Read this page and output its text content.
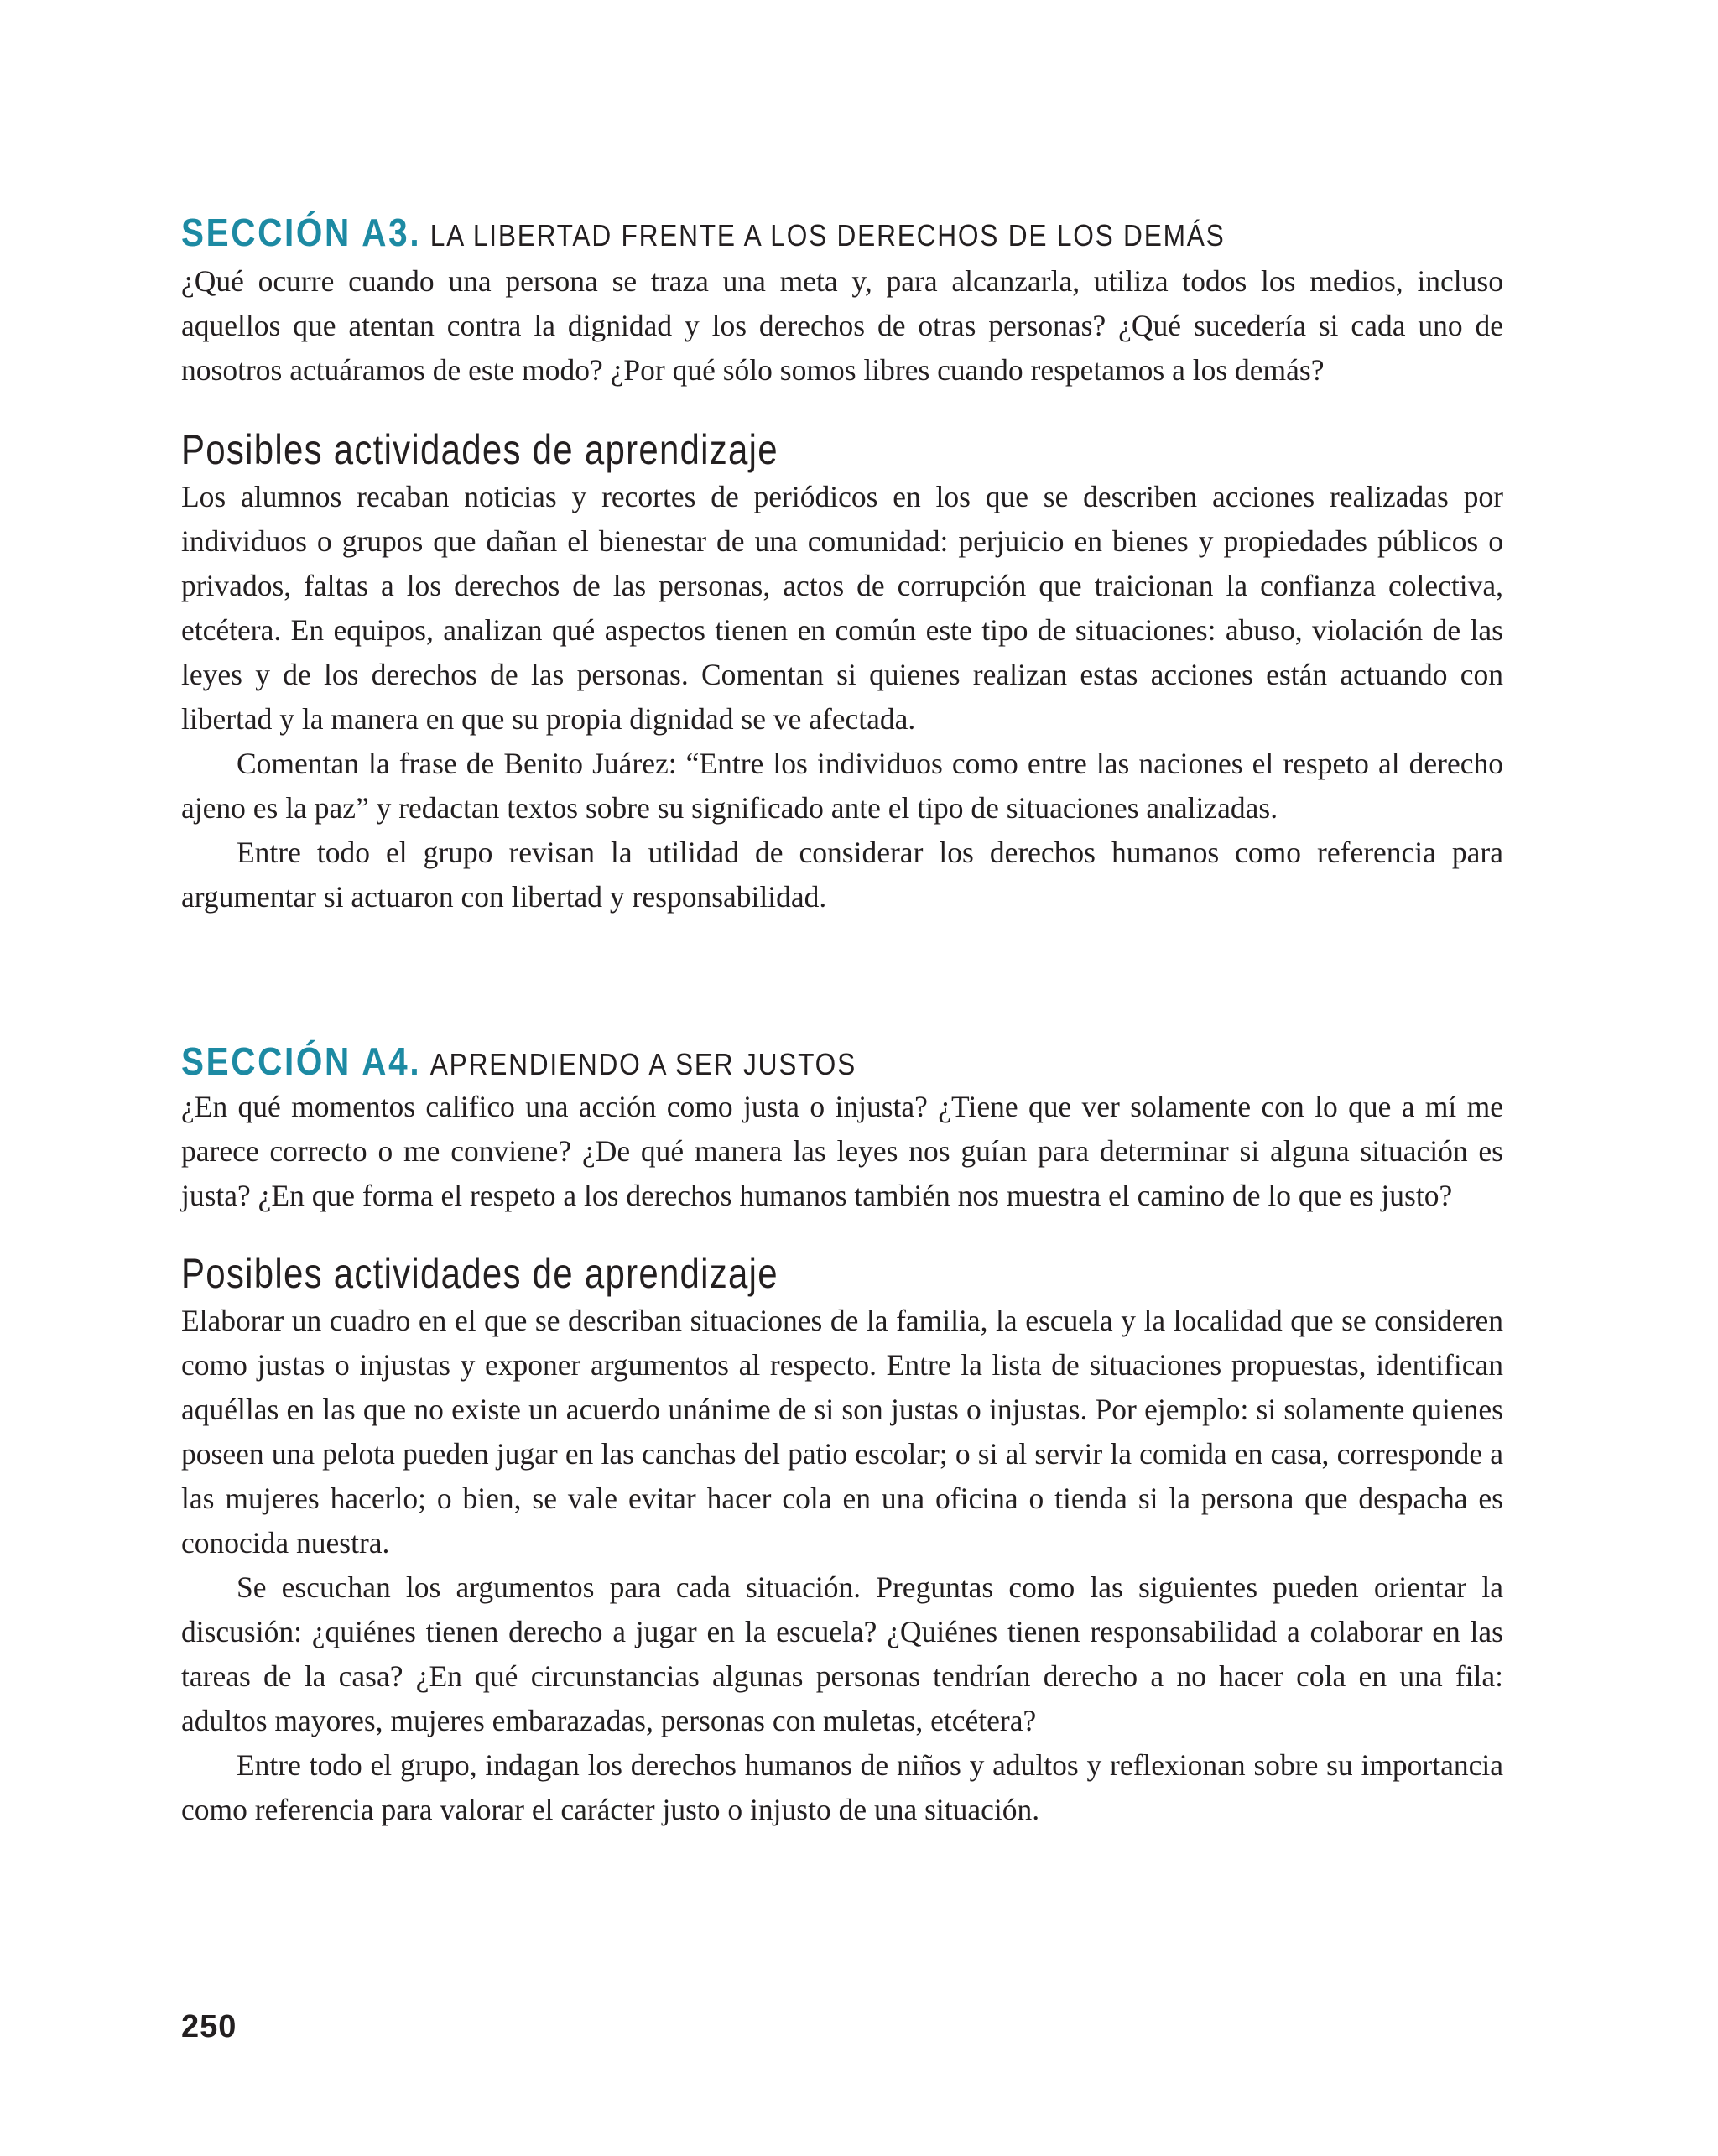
SECCIÓN A3. LA LIBERTAD FRENTE A LOS DERECHOS DE LOS DEMÁS

¿Qué ocurre cuando una persona se traza una meta y, para alcanzarla, utiliza todos los medios, incluso aquellos que atentan contra la dignidad y los derechos de otras personas? ¿Qué sucedería si cada uno de nosotros actuáramos de este modo? ¿Por qué sólo somos libres cuando respetamos a los demás?

Posibles actividades de aprendizaje

Los alumnos recaban noticias y recortes de periódicos en los que se describen acciones realizadas por individuos o grupos que dañan el bienestar de una comunidad: perjuicio en bienes y propiedades públicos o privados, faltas a los derechos de las personas, actos de corrupción que traicionan la confianza colectiva, etcétera. En equipos, analizan qué aspectos tienen en común este tipo de situaciones: abuso, violación de las leyes y de los derechos de las personas. Comentan si quienes realizan estas acciones están actuando con libertad y la manera en que su propia dignidad se ve afectada.

Comentan la frase de Benito Juárez: “Entre los individuos como entre las naciones el respeto al derecho ajeno es la paz” y redactan textos sobre su significado ante el tipo de situaciones analizadas.

Entre todo el grupo revisan la utilidad de considerar los derechos humanos como referencia para argumentar si actuaron con libertad y responsabilidad.

SECCIÓN A4. APRENDIENDO A SER JUSTOS

¿En qué momentos califico una acción como justa o injusta? ¿Tiene que ver solamente con lo que a mí me parece correcto o me conviene? ¿De qué manera las leyes nos guían para determinar si alguna situación es justa? ¿En que forma el respeto a los derechos humanos también nos muestra el camino de lo que es justo?

Posibles actividades de aprendizaje

Elaborar un cuadro en el que se describan situaciones de la familia, la escuela y la localidad que se consideren como justas o injustas y exponer argumentos al respecto. Entre la lista de situaciones propuestas, identifican aquéllas en las que no existe un acuerdo unánime de si son justas o injustas. Por ejemplo: si solamente quienes poseen una pelota pueden jugar en las canchas del patio escolar; o si al servir la comida en casa, corresponde a las mujeres hacerlo; o bien, se vale evitar hacer cola en una oficina o tienda si la persona que despacha es conocida nuestra.

Se escuchan los argumentos para cada situación. Preguntas como las siguientes pueden orientar la discusión: ¿quiénes tienen derecho a jugar en la escuela? ¿Quiénes tienen responsabilidad a colaborar en las tareas de la casa? ¿En qué circunstancias algunas personas tendrían derecho a no hacer cola en una fila: adultos mayores, mujeres embarazadas, personas con muletas, etcétera?

Entre todo el grupo, indagan los derechos humanos de niños y adultos y reflexionan sobre su importancia como referencia para valorar el carácter justo o injusto de una situación.

250
